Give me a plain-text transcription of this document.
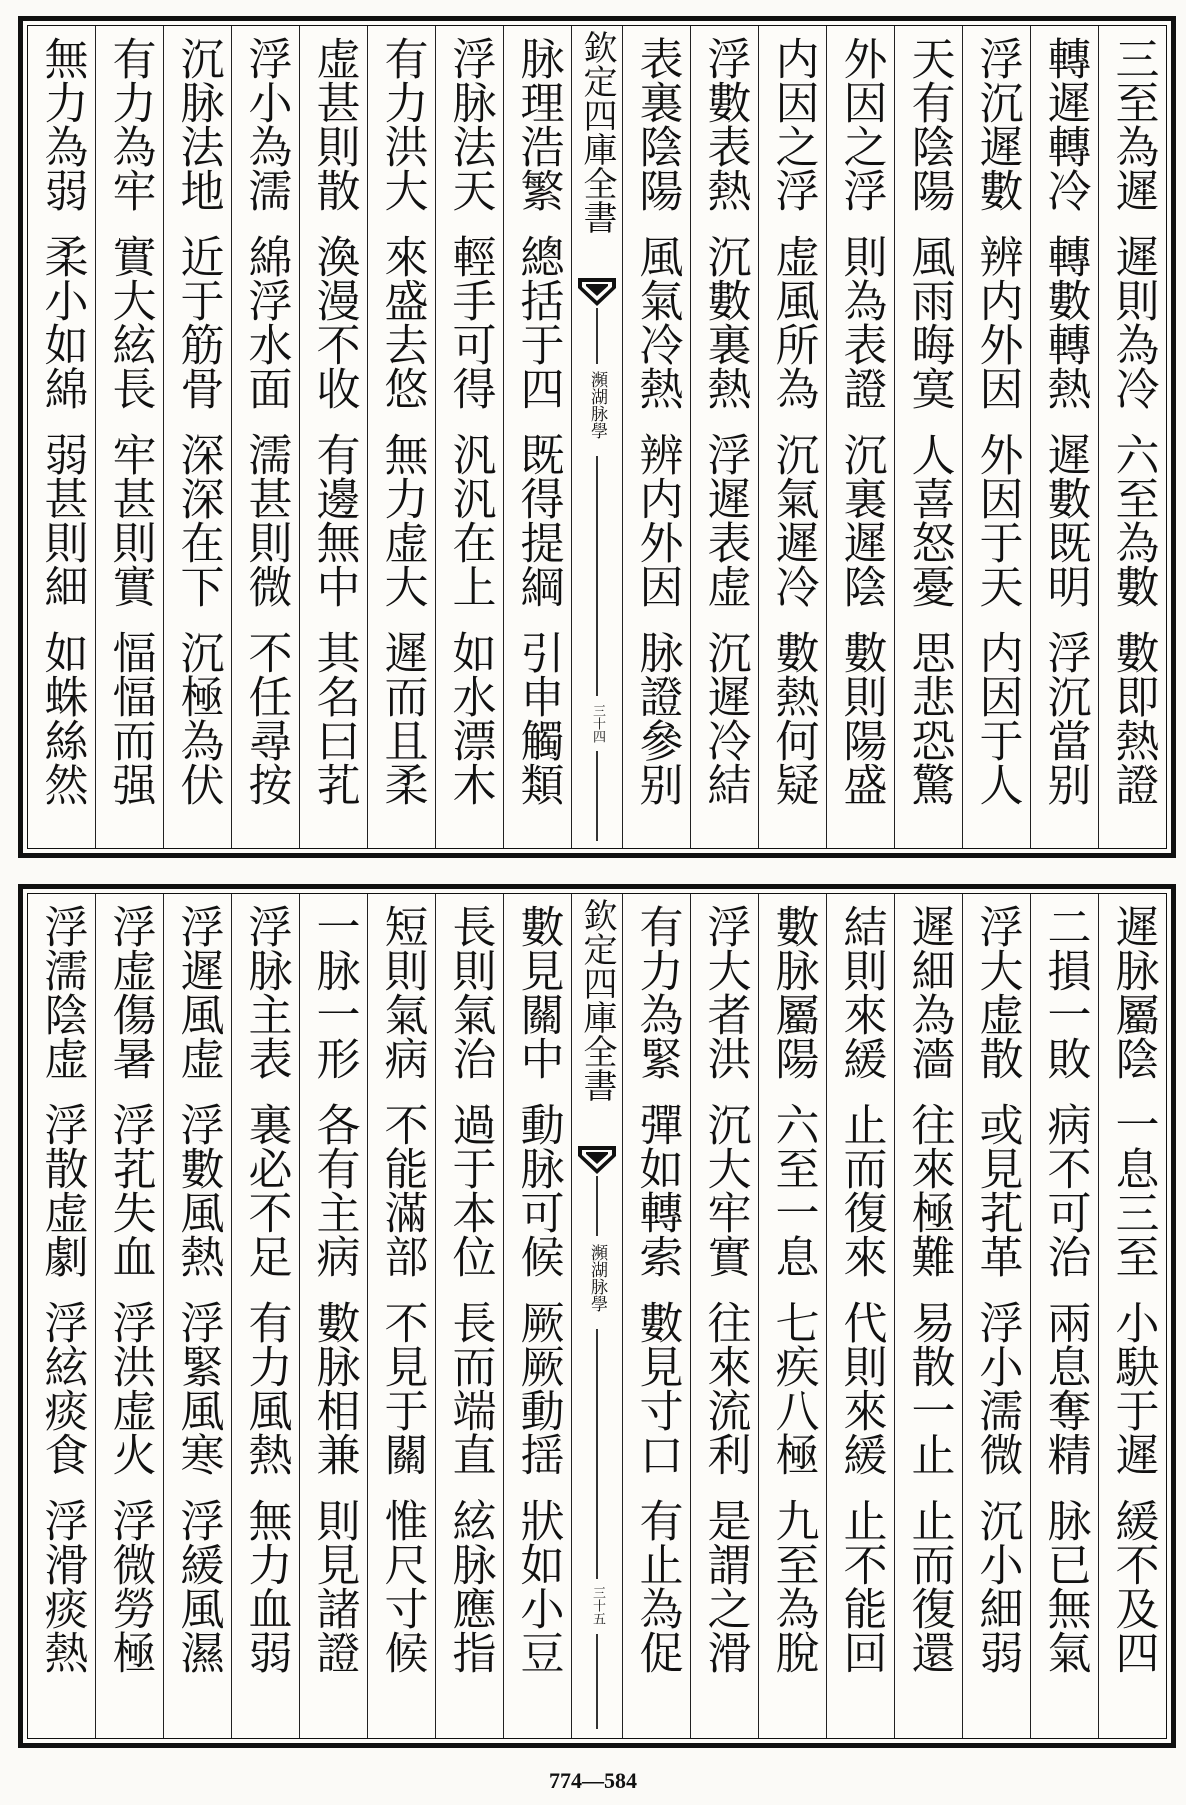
三至為遲遲則為冷六至為數數即熱證
轉遲轉冷轉數轉熱遲數既明浮沉當别
浮沉遲數辨内外因外因于天内因于人
天有陰陽風雨晦寞人喜怒憂思悲恐驚
外因之浮則為表證沉裏遲陰數則陽盛
内因之浮虚風所為沉氣遲冷數熱何疑
浮數表熱沉數裏熱浮遲表虚沉遲冷結
表裏陰陽風氣冷熱辨内外因脉證參别
欽定四庫全書
瀕湖脉學
三十四
脉理浩繁總括于四既得提綱引申觸類
浮脉法天輕手可得汎汎在上如水漂木
有力洪大來盛去悠無力虚大遲而且柔
虚甚則散渙漫不收有邊無中其名曰芤
浮小為濡綿浮水面濡甚則微不任尋按
沉脉法地近于筋骨深深在下沉極為伏
有力為牢實大絃長牢甚則實愊愊而强
無力為弱柔小如綿弱甚則細如蛛絲然
遲脉屬陰一息三至小駃于遲緩不及四
二損一敗病不可治兩息奪精脉已無氣
浮大虚散或見芤革浮小濡微沉小細弱
遲細為濇往來極難易散一止止而復還
結則來緩止而復來代則來緩止不能回
數脉屬陽六至一息七疾八極九至為脫
浮大者洪沉大牢實往來流利是謂之滑
有力為緊彈如轉索數見寸口有止為促
欽定四庫全書
瀕湖脉學
三十五
數見關中動脉可候厥厥動揺狀如小豆
長則氣治過于本位長而端直絃脉應指
短則氣病不能滿部不見于關惟尺寸候
一脉一形各有主病數脉相兼則見諸證
浮脉主表裏必不足有力風熱無力血弱
浮遲風虚浮數風熱浮緊風寒浮緩風濕
浮虚傷暑浮芤失血浮洪虚火浮微勞極
浮濡陰虚浮散虚劇浮絃痰食浮滑痰熱
774—584
